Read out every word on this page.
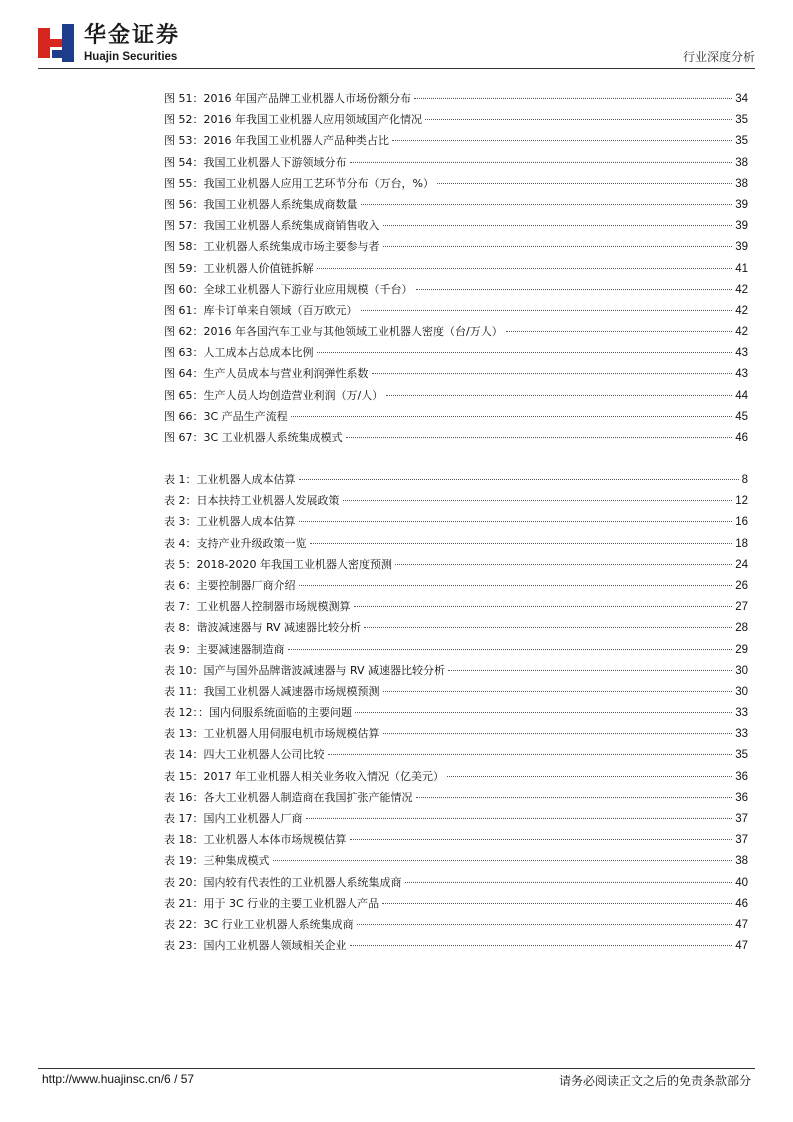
华金证券
Huajin Securities	行业深度分析
图 51：2016 年国产品牌工业机器人市场份额分布	34
图 52：2016 年我国工业机器人应用领域国产化情况	35
图 53：2016 年我国工业机器人产品种类占比	35
图 54：我国工业机器人下游领域分布	38
图 55：我国工业机器人应用工艺环节分布（万台，%）	38
图 56：我国工业机器人系统集成商数量	39
图 57：我国工业机器人系统集成商销售收入	39
图 58：工业机器人系统集成市场主要参与者	39
图 59：工业机器人价值链拆解	41
图 60：全球工业机器人下游行业应用规模（千台）	42
图 61：库卡订单来自领域（百万欧元）	42
图 62：2016 年各国汽车工业与其他领域工业机器人密度（台/万人）	42
图 63：人工成本占总成本比例	43
图 64：生产人员成本与营业利润弹性系数	43
图 65：生产人员人均创造营业利润（万/人）	44
图 66：3C 产品生产流程	45
图 67：3C 工业机器人系统集成模式	46
表 1：工业机器人成本估算	8
表 2：日本扶持工业机器人发展政策	12
表 3：工业机器人成本估算	16
表 4：支持产业升级政策一览	18
表 5：2018-2020 年我国工业机器人密度预测	24
表 6：主要控制器厂商介绍	26
表 7：工业机器人控制器市场规模测算	27
表 8：谐波减速器与 RV 减速器比较分析	28
表 9：主要减速器制造商	29
表 10：国产与国外品牌谐波减速器与 RV 减速器比较分析	30
表 11：我国工业机器人减速器市场规模预测	30
表 12：：国内伺服系统面临的主要问题	33
表 13：工业机器人用伺服电机市场规模估算	33
表 14：四大工业机器人公司比较	35
表 15：2017 年工业机器人相关业务收入情况（亿美元）	36
表 16：各大工业机器人制造商在我国扩张产能情况	36
表 17：国内工业机器人厂商	37
表 18：工业机器人本体市场规模估算	37
表 19：三种集成模式	38
表 20：国内较有代表性的工业机器人系统集成商	40
表 21：用于 3C 行业的主要工业机器人产品	46
表 22：3C 行业工业机器人系统集成商	47
表 23：国内工业机器人领域相关企业	47
http://www.huajinsc.cn/6 / 57	请务必阅读正文之后的免责条款部分
